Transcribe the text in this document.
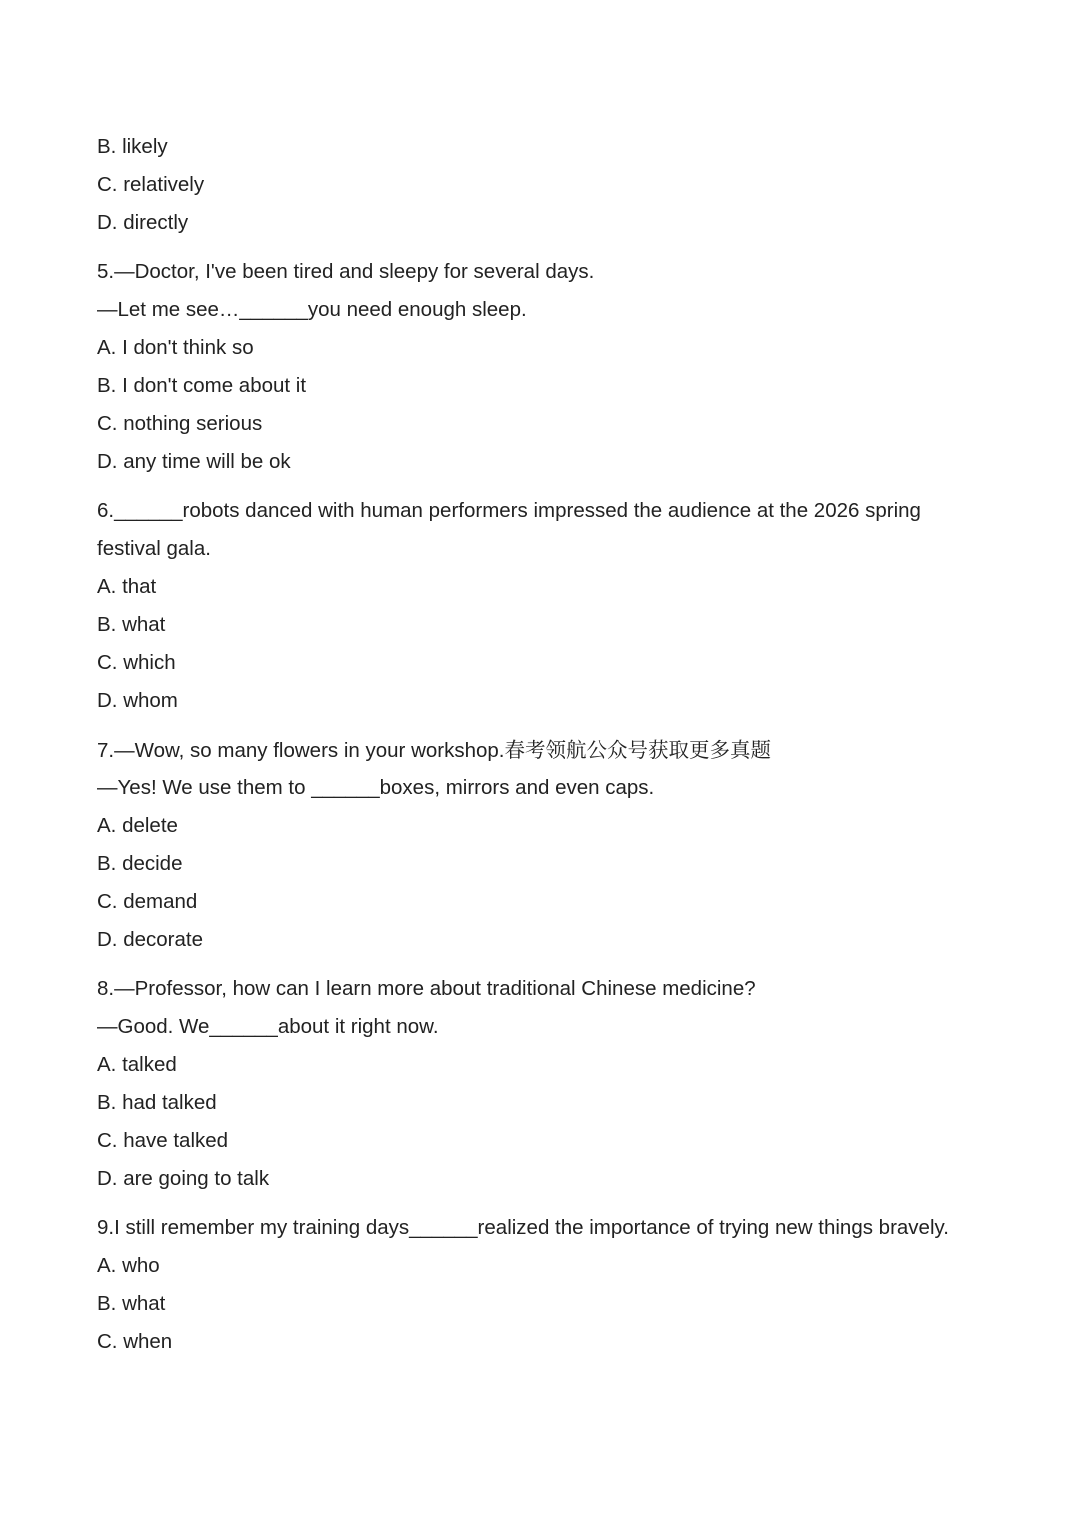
B. likely
C. relatively
D. directly
5.—Doctor, I've been tired and sleepy for several days.
—Let me see…______you need enough sleep.
A. I don't think so
B. I don't come about it
C. nothing serious
D. any time will be ok
6.______robots danced with human performers impressed the audience at the 2026 spring festival gala.
A. that
B. what
C. which
D. whom
7.—Wow, so many flowers in your workshop.春考领航公众号获取更多真题
—Yes! We use them to ______boxes, mirrors and even caps.
A. delete
B. decide
C. demand
D. decorate
8.—Professor, how can I learn more about traditional Chinese medicine?
—Good. We______about it right now.
A. talked
B. had talked
C. have talked
D. are going to talk
9.I still remember my training days______realized the importance of trying new things bravely.
A. who
B. what
C. when
